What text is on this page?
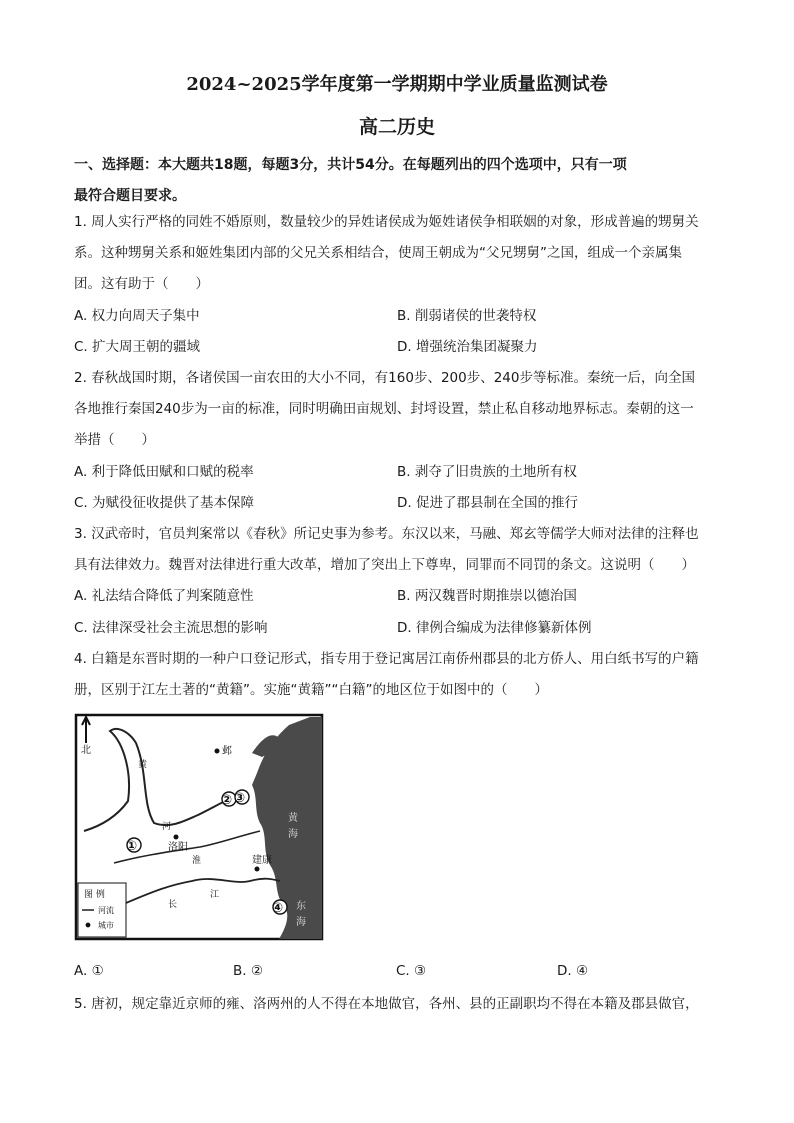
2024~2025学年度第一学期期中学业质量监测试卷
高二历史
一、选择题：本大题共18题，每题3分，共计54分。在每题列出的四个选项中，只有一项
最符合题目要求。
1. 周人实行严格的同姓不婚原则，数量较少的异姓诸侯成为姬姓诸侯争相联姻的对象，形成普遍的甥舅关
系。这种甥舅关系和姬姓集团内部的父兄关系相结合，使周王朝成为“父兄甥舅”之国，组成一个亲属集
团。这有助于（　　）
A. 权力向周天子集中	B. 削弱诸侯的世袭特权
C. 扩大周王朝的疆域	D. 增强统治集团凝聚力
2. 春秋战国时期，各诸侯国一亩农田的大小不同，有160步、200步、240步等标准。秦统一后，向全国
各地推行秦国240步为一亩的标准，同时明确田亩规划、封埒设置，禁止私自移动地界标志。秦朝的这一
举措（　　）
A. 利于降低田赋和口赋的税率	B. 剥夺了旧贵族的土地所有权
C. 为赋役征收提供了基本保障	D. 促进了郡县制在全国的推行
3. 汉武帝时，官员判案常以《春秋》所记史事为参考。东汉以来，马融、郑玄等儒学大师对法律的注释也
具有法律效力。魏晋对法律进行重大改革，增加了突出上下尊卑，同罪而不同罚的条文。这说明（　　）
A. 礼法结合降低了判案随意性	B. 两汉魏晋时期推崇以德治国
C. 法律深受社会主流思想的影响	D. 律例合编成为法律修纂新体例
4. 白籍是东晋时期的一种户口登记形式，指专用于登记寓居江南侨州郡县的北方侨人、用白纸书写的户籍
册，区别于江左土著的“黄籍”。实施“黄籍”“白籍”的地区位于如图中的（　　）
北
洛阳
邺
建康
①
②
④
③
黄
河
淮
长
江
黄
海
东
海
图 例
河流
城市
A. ①	B. ②	C. ③	D. ④
5. 唐初，规定靠近京师的雍、洛两州的人不得在本地做官，各州、县的正副职均不得在本籍及郡县做官，
